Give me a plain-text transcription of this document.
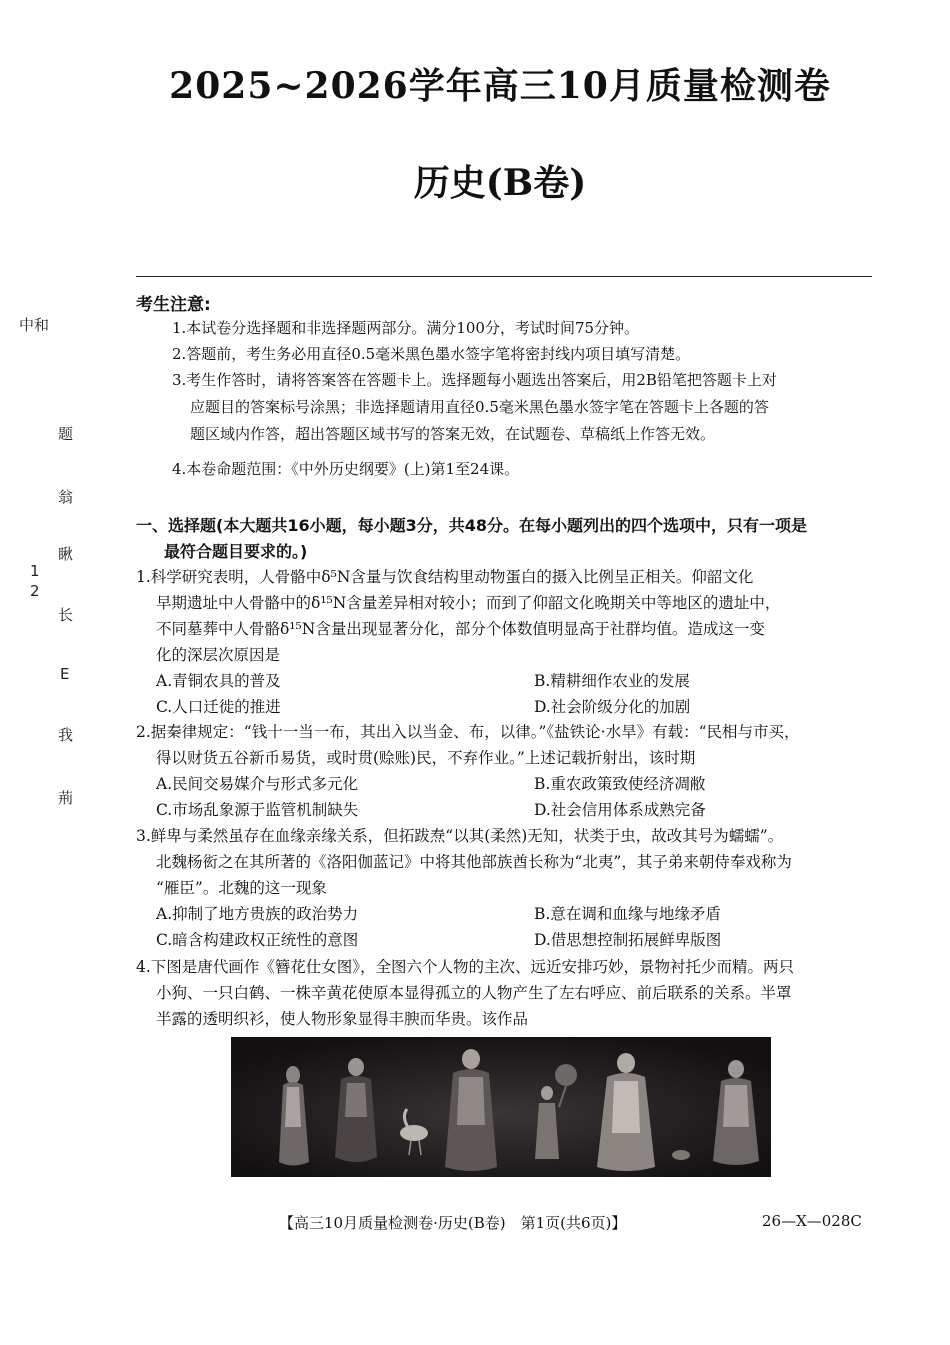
2025~2026学年高三10月质量检测卷
历史(B卷)
中和
题
翁
瞅
1
2
长
E
我
荊
考生注意:
1.本试卷分选择题和非选择题两部分。满分100分，考试时间75分钟。
2.答题前，考生务必用直径0.5毫米黑色墨水签字笔将密封线内项目填写清楚。
3.考生作答时，请将答案答在答题卡上。选择题每小题选出答案后，用2B铅笔把答题卡上对
应题目的答案标号涂黑；非选择题请用直径0.5毫米黑色墨水签字笔在答题卡上各题的答
题区域内作答，超出答题区域书写的答案无效，在试题卷、草稿纸上作答无效。
4.本卷命题范围：《中外历史纲要》(上)第1至24课。
一、选择题(本大题共16小题，每小题3分，共48分。在每小题列出的四个选项中，只有一项是
最符合题目要求的。)
1.科学研究表明，人骨骼中δ⁵N含量与饮食结构里动物蛋白的摄入比例呈正相关。仰韶文化
早期遗址中人骨骼中的δ¹⁵N含量差异相对较小；而到了仰韶文化晚期关中等地区的遗址中，
不同墓葬中人骨骼δ¹⁵N含量出现显著分化，部分个体数值明显高于社群均值。造成这一变
化的深层次原因是
A.青铜农具的普及	B.精耕细作农业的发展
C.人口迁徙的推进	D.社会阶级分化的加剧
2.据秦律规定：“钱十一当一布，其出入以当金、布，以律。”《盐铁论·水旱》有载：“民相与市买，
得以财货五谷新币易货，或时贯(赊账)民，不弃作业。”上述记载折射出，该时期
A.民间交易媒介与形式多元化	B.重农政策致使经济凋敝
C.市场乱象源于监管机制缺失	D.社会信用体系成熟完备
3.鲜卑与柔然虽存在血缘亲缘关系，但拓跋焘“以其(柔然)无知，状类于虫，故改其号为蠕蠕”。
北魏杨衒之在其所著的《洛阳伽蓝记》中将其他部族酋长称为“北夷”，其子弟来朝侍奉戏称为
“雁臣”。北魏的这一现象
A.抑制了地方贵族的政治势力	B.意在调和血缘与地缘矛盾
C.暗含构建政权正统性的意图	D.借思想控制拓展鲜卑版图
4.下图是唐代画作《簪花仕女图》，全图六个人物的主次、远近安排巧妙，景物衬托少而精。两只
小狗、一只白鹤、一株辛黄花使原本显得孤立的人物产生了左右呼应、前后联系的关系。半罩
半露的透明织衫，使人物形象显得丰腴而华贵。该作品
【高三10月质量检测卷·历史(B卷)　第1页(共6页)】	26—X—028C
